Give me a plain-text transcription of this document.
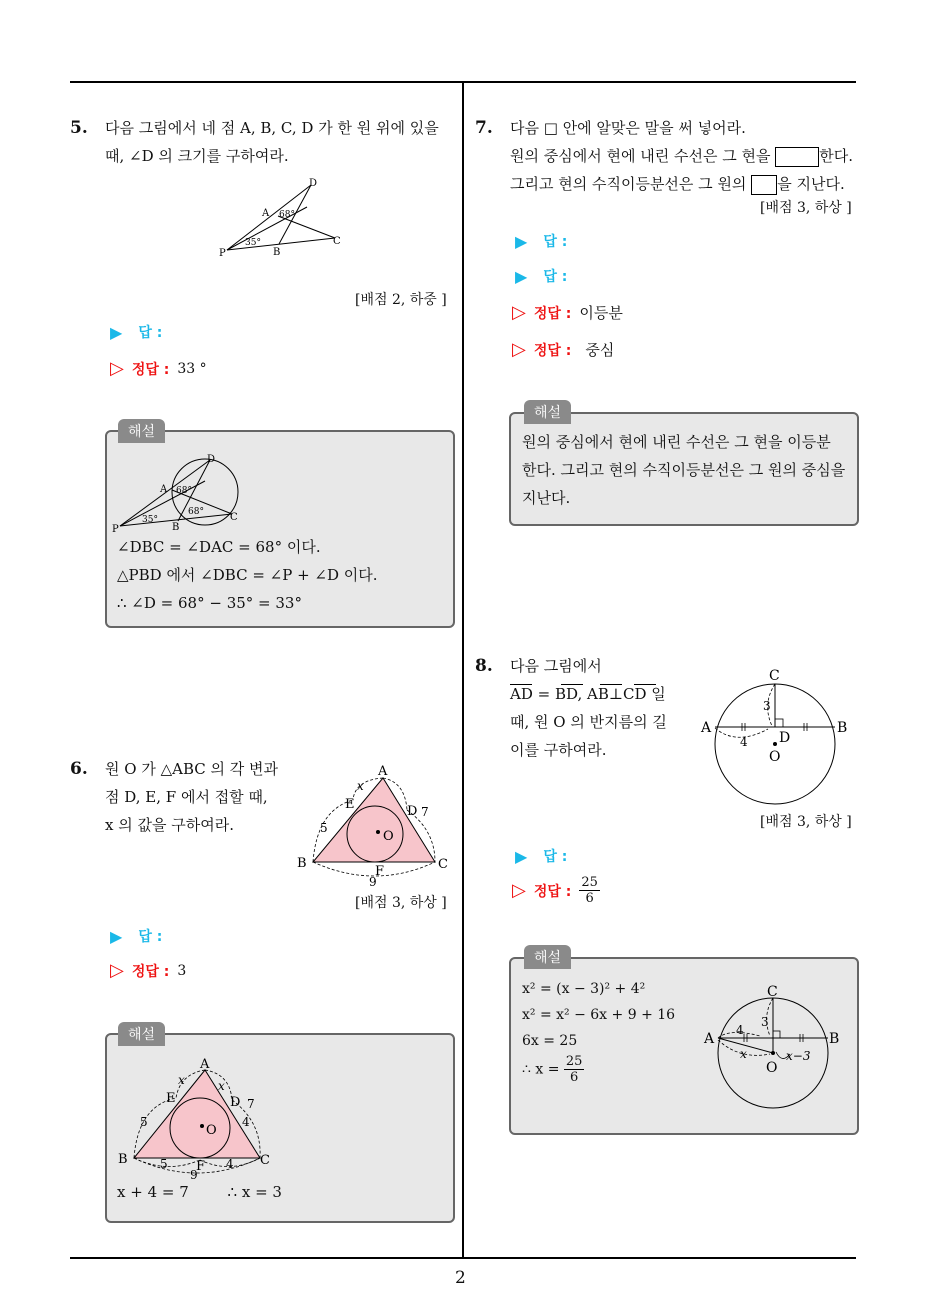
2
5. 다음 그림에서 네 점 A, B, C, D 가 한 원 위에 있을
때, ∠D 의 크기를 구하여라.
P	B
C
D
A
35°
68°
[배점 2, 하중 ]
▶ 답 :
▷ 정답 : 33 °
해설
P	B
C
D
A
35°
68°
68°
∠DBC = ∠DAC = 68° 이다.
△PBD 에서 ∠DBC = ∠P + ∠D 이다.
∴ ∠D = 68° − 35° = 33°
6. 원 O 가 △ABC 의 각 변과
점 D, E, F 에서 접할 때,
x 의 값을 구하여라.
A
B	C
D
E
F
O
x
7
5
9
[배점 3, 하상 ]
▶ 답 :
▷ 정답 : 3
해설
A
B	C
D
E
F
O
x	x
7
4
5
5	4
9
x + 4 = 7	∴ x = 3
7. 다음 □ 안에 알맞은 말을 써 넣어라.
원의 중심에서 현에 내린 수선은 그 현을	한다.
그리고 현의 수직이등분선은 그 원의 을 지난다.
[배점 3, 하상 ]
▶ 답 :
▶ 답 :
▷ 정답 : 이등분
▷ 정답 : 중심
해설
원의 중심에서 현에 내린 수선은 그 현을 이등분
한다. 그리고 현의 수직이등분선은 그 원의 중심을
지난다.
8. 다음 그림에서
AD = BD, AB⊥CD 일
때, 원 O 의 반지름의 길
이를 구하여라.
C
A	B
D
O
3
4
[배점 3, 하상 ]
▶ 답 :
▷ 정답 : $\frac{25}{6}$
해설
x² = (x − 3)² + 4²
x² = x² − 6x + 9 + 16
6x = 25
∴ $x = \frac{25}{6}$
C
A	B
O
3
4
x	x−3
